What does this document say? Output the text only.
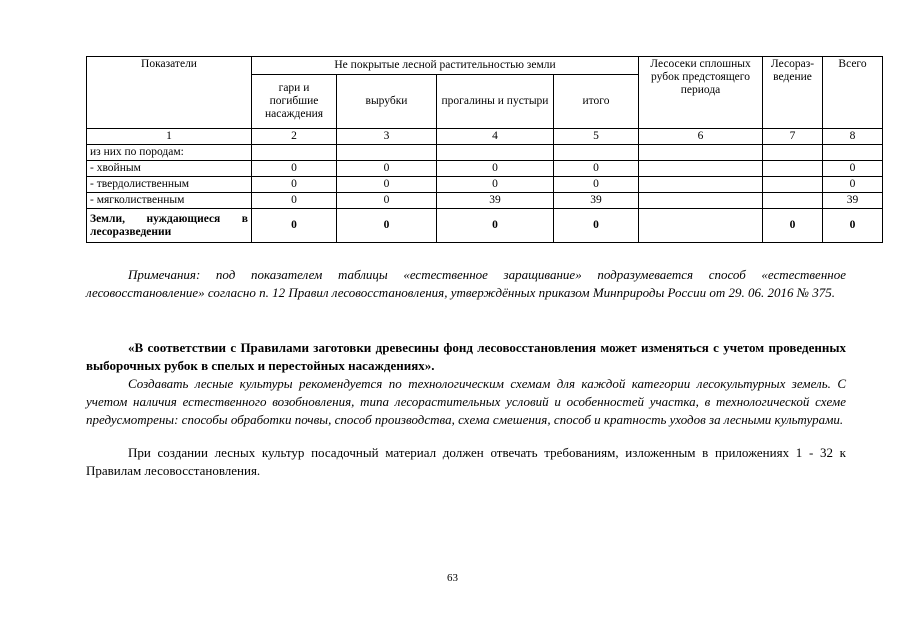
Показатели	Не покрытые лесной растительностью земли				Лесосеки сплошных рубок предстоящего периода	Лесораз-ведение	Всего
	гари и погибшие насаждения	вырубки	прогалины и пустыри	итого			
1	2	3	4	5	6	7	8
из них по породам:							
- хвойным	0	0	0	0			0
- твердолиственным	0	0	0	0			0
- мягколиственным	0	0	39	39			39
Земли, нуждающиеся в лесоразведении	0	0	0	0		0	0
Примечания: под показателем таблицы «естественное заращивание» подразумевается способ «естественное лесовосстановление» согласно п. 12 Правил лесовосстановления, утверждённых приказом Минприроды России от 29. 06. 2016 № 375.
«В соответствии с Правилами заготовки древесины фонд лесовосстановления может изменяться с учетом проведенных выборочных рубок в спелых и перестойных насаждениях».
Создавать лесные культуры рекомендуется по технологическим схемам для каждой категории лесокультурных земель. С учетом наличия естественного возобновления, типа лесорастительных условий и особенностей участка, в технологической схеме предусмотрены: способы обработки почвы, способ производства, схема смешения, способ и кратность уходов за лесными культурами.
При создании лесных культур посадочный материал должен отвечать требованиям, изложенным в приложениях 1 - 32 к Правилам лесовосстановления.
63
